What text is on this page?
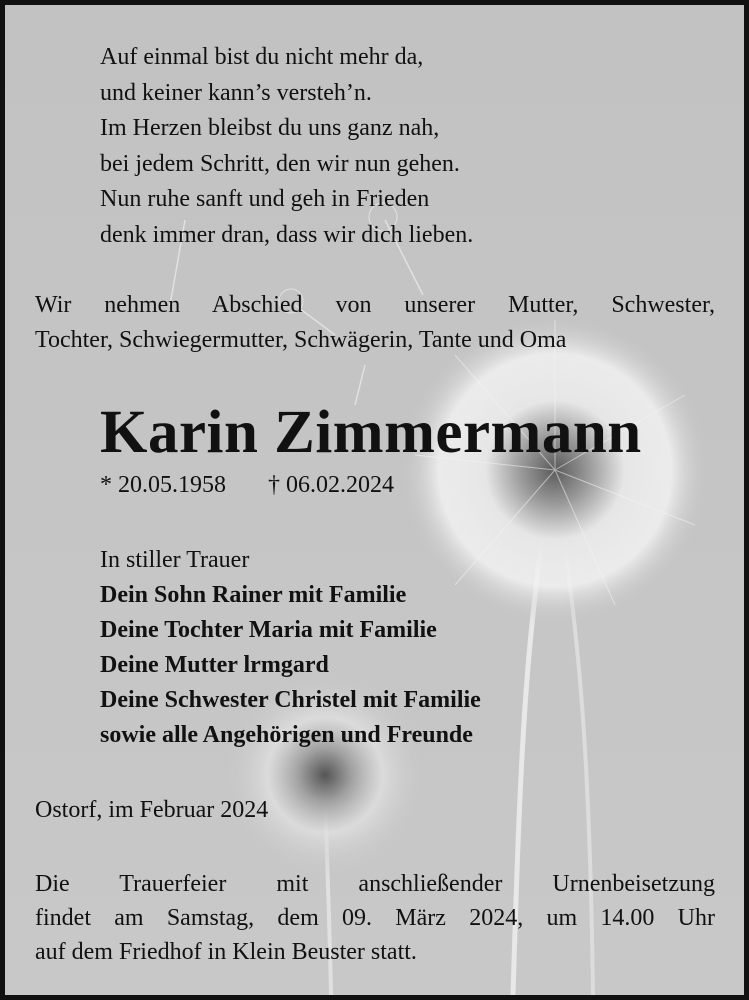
Auf einmal bist du nicht mehr da,
und keiner kann’s versteh’n.
Im Herzen bleibst du uns ganz nah,
bei jedem Schritt, den wir nun gehen.
Nun ruhe sanft und geh in Frieden
denk immer dran, dass wir dich lieben.
Wir nehmen Abschied von unserer Mutter, Schwester,
Tochter, Schwiegermutter, Schwägerin, Tante und Oma
Karin Zimmermann
* 20.05.1958 † 06.02.2024
In stiller Trauer
Dein Sohn Rainer mit Familie
Deine Tochter Maria mit Familie
Deine Mutter lrmgard
Deine Schwester Christel mit Familie
sowie alle Angehörigen und Freunde
Ostorf, im Februar 2024
Die Trauerfeier mit anschließender Urnenbeisetzung
findet am Samstag, dem 09. März 2024, um 14.00 Uhr
auf dem Friedhof in Klein Beuster statt.
